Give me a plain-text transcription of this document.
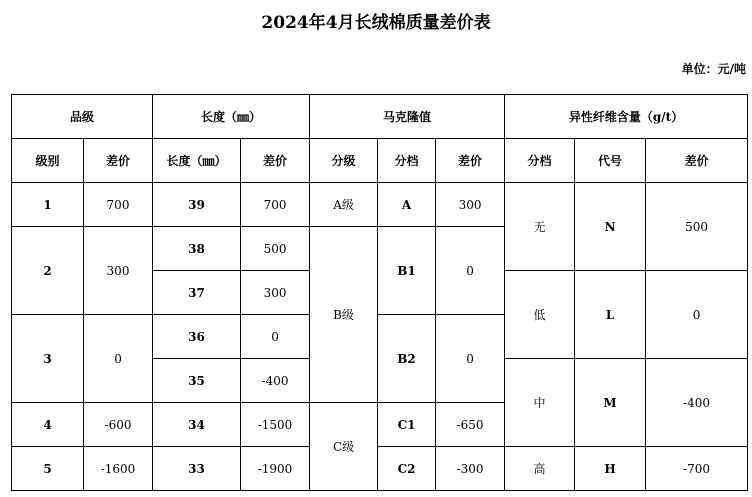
2024年4月长绒棉质量差价表
单位：元/吨
品级		长度（㎜）		马克隆值			异性纤维含量（g/t）		
级别	差价	长度（㎜）	差价	分级	分档	差价	分档	代号	差价
1	700	39	700	A级	A	300	无	N	500
2	300	38	500	B级	B1	0			
		37	300				低	L	0
3	0	36	0		B2	0			
		35	-400				中	M	-400
4	-600	34	-1500	C级	C1	-650			
5	-1600	33	-1900		C2	-300	高	H	-700
